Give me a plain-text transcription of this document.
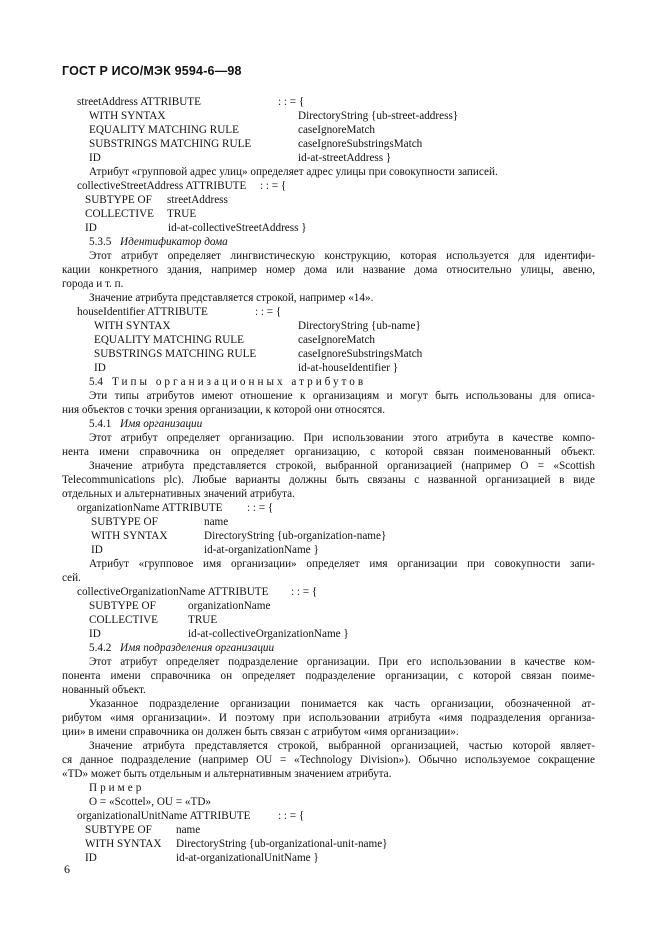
ГОСТ Р ИСО/МЭК 9594-6—98
streetAddress ATTRIBUTE	: : = {
WITH SYNTAX	DirectoryString {ub-street-address}
EQUALITY MATCHING RULE	caseIgnoreMatch
SUBSTRINGS MATCHING RULE	caseIgnoreSubstringsMatch
ID	id-at-streetAddress }
Атрибут «групповой адрес улиц» определяет адрес улицы при совокупности записей.
collectiveStreetAddress ATTRIBUTE : : = {
SUBTYPE OF streetAddress
COLLECTIVE TRUE
ID	id-at-collectiveStreetAddress }
5.3.5 Идентификатор дома
Этот атрибут определяет лингвистическую конструкцию, которая используется для идентифи-
кации конкретного здания, например номер дома или название дома относительно улицы, авеню,
города и т. п.
Значение атрибута представляется строкой, например «14».
houseIdentifier ATTRIBUTE	: : = {
WITH SYNTAX	DirectoryString {ub-name}
EQUALITY MATCHING RULE	caseIgnoreMatch
SUBSTRINGS MATCHING RULE	caseIgnoreSubstringsMatch
ID	id-at-houseIdentifier }
5.4 Типы организационных атрибутов
Эти типы атрибутов имеют отношение к организациям и могут быть использованы для описа-
ния объектов с точки зрения организации, к которой они относятся.
5.4.1 Имя организации
Этот атрибут определяет организацию. При использовании этого атрибута в качестве компо-
нента имени справочника он определяет организацию, с которой связан поименованный объект.
Значение атрибута представляется строкой, выбранной организацией (например O = «Scottish
Telecommunications plc). Любые варианты должны быть связаны с названной организацией в виде
отдельных и альтернативных значений атрибута.
organizationName ATTRIBUTE : : = {
SUBTYPE OF	name
WITH SYNTAX	DirectoryString {ub-organization-name}
ID	id-at-organizationName }
Атрибут «групповое имя организации» определяет имя организации при совокупности запи-
сей.
collectiveOrganizationName ATTRIBUTE : : = {
SUBTYPE OF	organizationName
COLLECTIVE	TRUE
ID	id-at-collectiveOrganizationName }
5.4.2 Имя подразделения организации
Этот атрибут определяет подразделение организации. При его использовании в качестве ком-
понента имени справочника он определяет подразделение организации, с которой связан поиме-
нованный объект.
Указанное подразделение организации понимается как часть организации, обозначенной ат-
рибутом «имя организации». И поэтому при использовании атрибута «имя подразделения организа-
ции» в имени справочника он должен быть связан с атрибутом «имя организации».
Значение атрибута представляется строкой, выбранной организацией, частью которой являет-
ся данное подразделение (например OU = «Technology Division»). Обычно используемое сокращение
«TD» может быть отдельным и альтернативным значением атрибута.
Пример
O = «Scottel», OU = «TD»
organizationalUnitName ATTRIBUTE : : = {
SUBTYPE OF name
WITH SYNTAX DirectoryString {ub-organizational-unit-name}
ID	id-at-organizationalUnitName }
6
